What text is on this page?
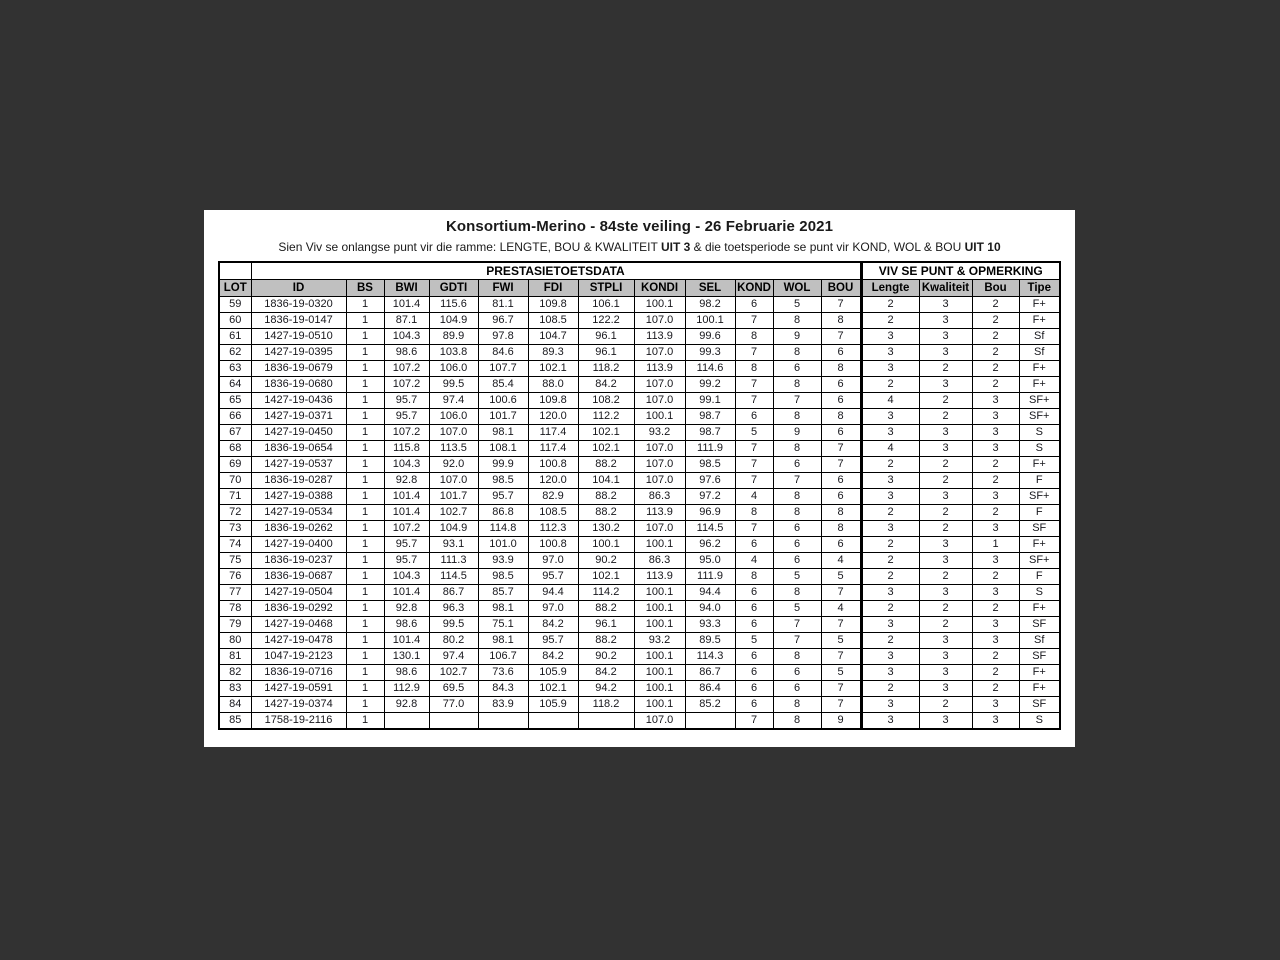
Konsortium-Merino - 84ste veiling - 26 Februarie 2021
Sien Viv se onlangse punt vir die ramme: LENGTE, BOU & KWALITEIT UIT 3 & die toetsperiode se punt vir KOND, WOL & BOU UIT 10
	PRESTASIETOETSDATA												VIV SE PUNT & OPMERKING			
LOT	ID	BS	BWI	GDTI	FWI	FDI	STPLI	KONDI	SEL	KOND	WOL	BOU	Lengte	Kwaliteit	Bou	Tipe
59	1836-19-0320	1	101.4	115.6	81.1	109.8	106.1	100.1	98.2	6	5	7	2	3	2	F+
60	1836-19-0147	1	87.1	104.9	96.7	108.5	122.2	107.0	100.1	7	8	8	2	3	2	F+
61	1427-19-0510	1	104.3	89.9	97.8	104.7	96.1	113.9	99.6	8	9	7	3	3	2	Sf
62	1427-19-0395	1	98.6	103.8	84.6	89.3	96.1	107.0	99.3	7	8	6	3	3	2	Sf
63	1836-19-0679	1	107.2	106.0	107.7	102.1	118.2	113.9	114.6	8	6	8	3	2	2	F+
64	1836-19-0680	1	107.2	99.5	85.4	88.0	84.2	107.0	99.2	7	8	6	2	3	2	F+
65	1427-19-0436	1	95.7	97.4	100.6	109.8	108.2	107.0	99.1	7	7	6	4	2	3	SF+
66	1427-19-0371	1	95.7	106.0	101.7	120.0	112.2	100.1	98.7	6	8	8	3	2	3	SF+
67	1427-19-0450	1	107.2	107.0	98.1	117.4	102.1	93.2	98.7	5	9	6	3	3	3	S
68	1836-19-0654	1	115.8	113.5	108.1	117.4	102.1	107.0	111.9	7	8	7	4	3	3	S
69	1427-19-0537	1	104.3	92.0	99.9	100.8	88.2	107.0	98.5	7	6	7	2	2	2	F+
70	1836-19-0287	1	92.8	107.0	98.5	120.0	104.1	107.0	97.6	7	7	6	3	2	2	F
71	1427-19-0388	1	101.4	101.7	95.7	82.9	88.2	86.3	97.2	4	8	6	3	3	3	SF+
72	1427-19-0534	1	101.4	102.7	86.8	108.5	88.2	113.9	96.9	8	8	8	2	2	2	F
73	1836-19-0262	1	107.2	104.9	114.8	112.3	130.2	107.0	114.5	7	6	8	3	2	3	SF
74	1427-19-0400	1	95.7	93.1	101.0	100.8	100.1	100.1	96.2	6	6	6	2	3	1	F+
75	1836-19-0237	1	95.7	111.3	93.9	97.0	90.2	86.3	95.0	4	6	4	2	3	3	SF+
76	1836-19-0687	1	104.3	114.5	98.5	95.7	102.1	113.9	111.9	8	5	5	2	2	2	F
77	1427-19-0504	1	101.4	86.7	85.7	94.4	114.2	100.1	94.4	6	8	7	3	3	3	S
78	1836-19-0292	1	92.8	96.3	98.1	97.0	88.2	100.1	94.0	6	5	4	2	2	2	F+
79	1427-19-0468	1	98.6	99.5	75.1	84.2	96.1	100.1	93.3	6	7	7	3	2	3	SF
80	1427-19-0478	1	101.4	80.2	98.1	95.7	88.2	93.2	89.5	5	7	5	2	3	3	Sf
81	1047-19-2123	1	130.1	97.4	106.7	84.2	90.2	100.1	114.3	6	8	7	3	3	2	SF
82	1836-19-0716	1	98.6	102.7	73.6	105.9	84.2	100.1	86.7	6	6	5	3	3	2	F+
83	1427-19-0591	1	112.9	69.5	84.3	102.1	94.2	100.1	86.4	6	6	7	2	3	2	F+
84	1427-19-0374	1	92.8	77.0	83.9	105.9	118.2	100.1	85.2	6	8	7	3	2	3	SF
85	1758-19-2116	1						107.0		7	8	9	3	3	3	S
